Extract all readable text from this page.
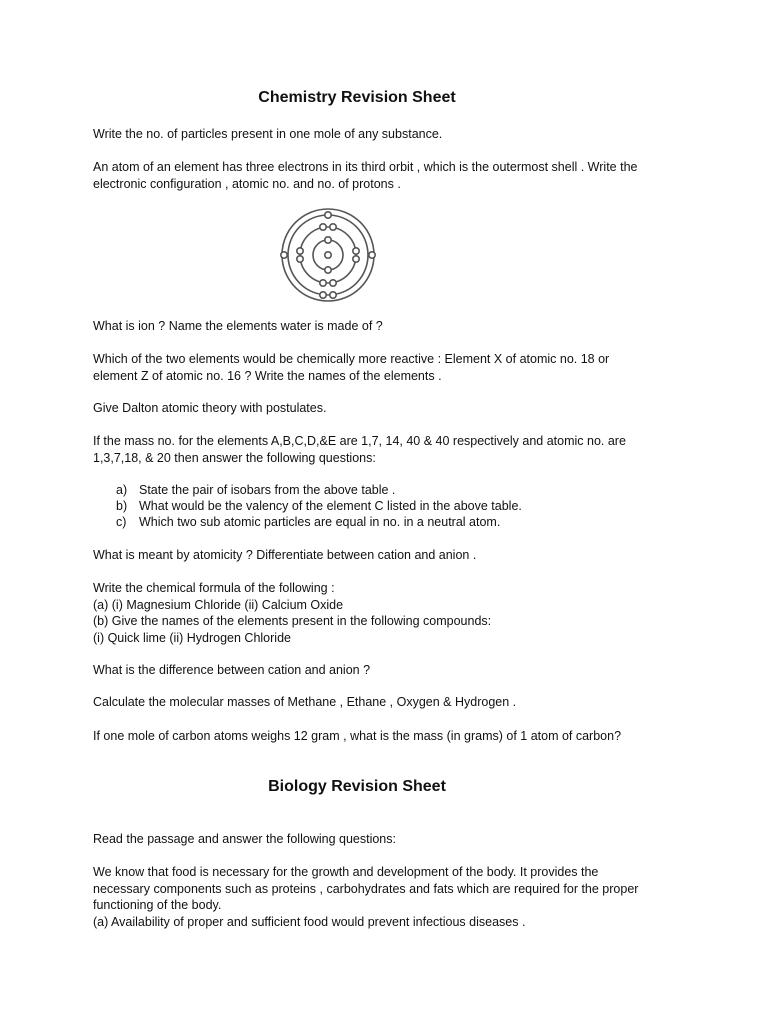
Chemistry Revision Sheet

Write the no. of particles present in one mole of any substance.

An atom of an element has three electrons in its third orbit , which is the outermost shell . Write the
electronic configuration , atomic no. and no. of protons .

What is ion ? Name the elements water is made of ?

Which of the two elements would be chemically more reactive : Element X of atomic no. 18 or
element Z of atomic no. 16 ? Write the names of the elements .

Give Dalton atomic theory with postulates.

If the mass no. for the elements A,B,C,D,&E are 1,7, 14, 40 & 40 respectively and atomic no. are
1,3,7,18, & 20 then answer the following questions:

a) State the pair of isobars from the above table .
b) What would be the valency of the element C listed in the above table.
c) Which two sub atomic particles are equal in no. in a neutral atom.

What is meant by atomicity ? Differentiate between cation and anion .

Write the chemical formula of the following :
(a) (i) Magnesium Chloride (ii) Calcium Oxide
(b) Give the names of the elements present in the following compounds:
(i) Quick lime (ii) Hydrogen Chloride

What is the difference between cation and anion ?

Calculate the molecular masses of Methane , Ethane , Oxygen & Hydrogen .

If one mole of carbon atoms weighs 12 gram , what is the mass (in grams) of 1 atom of carbon?

Biology Revision Sheet

Read the passage and answer the following questions:

We know that food is necessary for the growth and development of the body. It provides the
necessary components such as proteins , carbohydrates and fats which are required for the proper
functioning of the body.
(a) Availability of proper and sufficient food would prevent infectious diseases .
